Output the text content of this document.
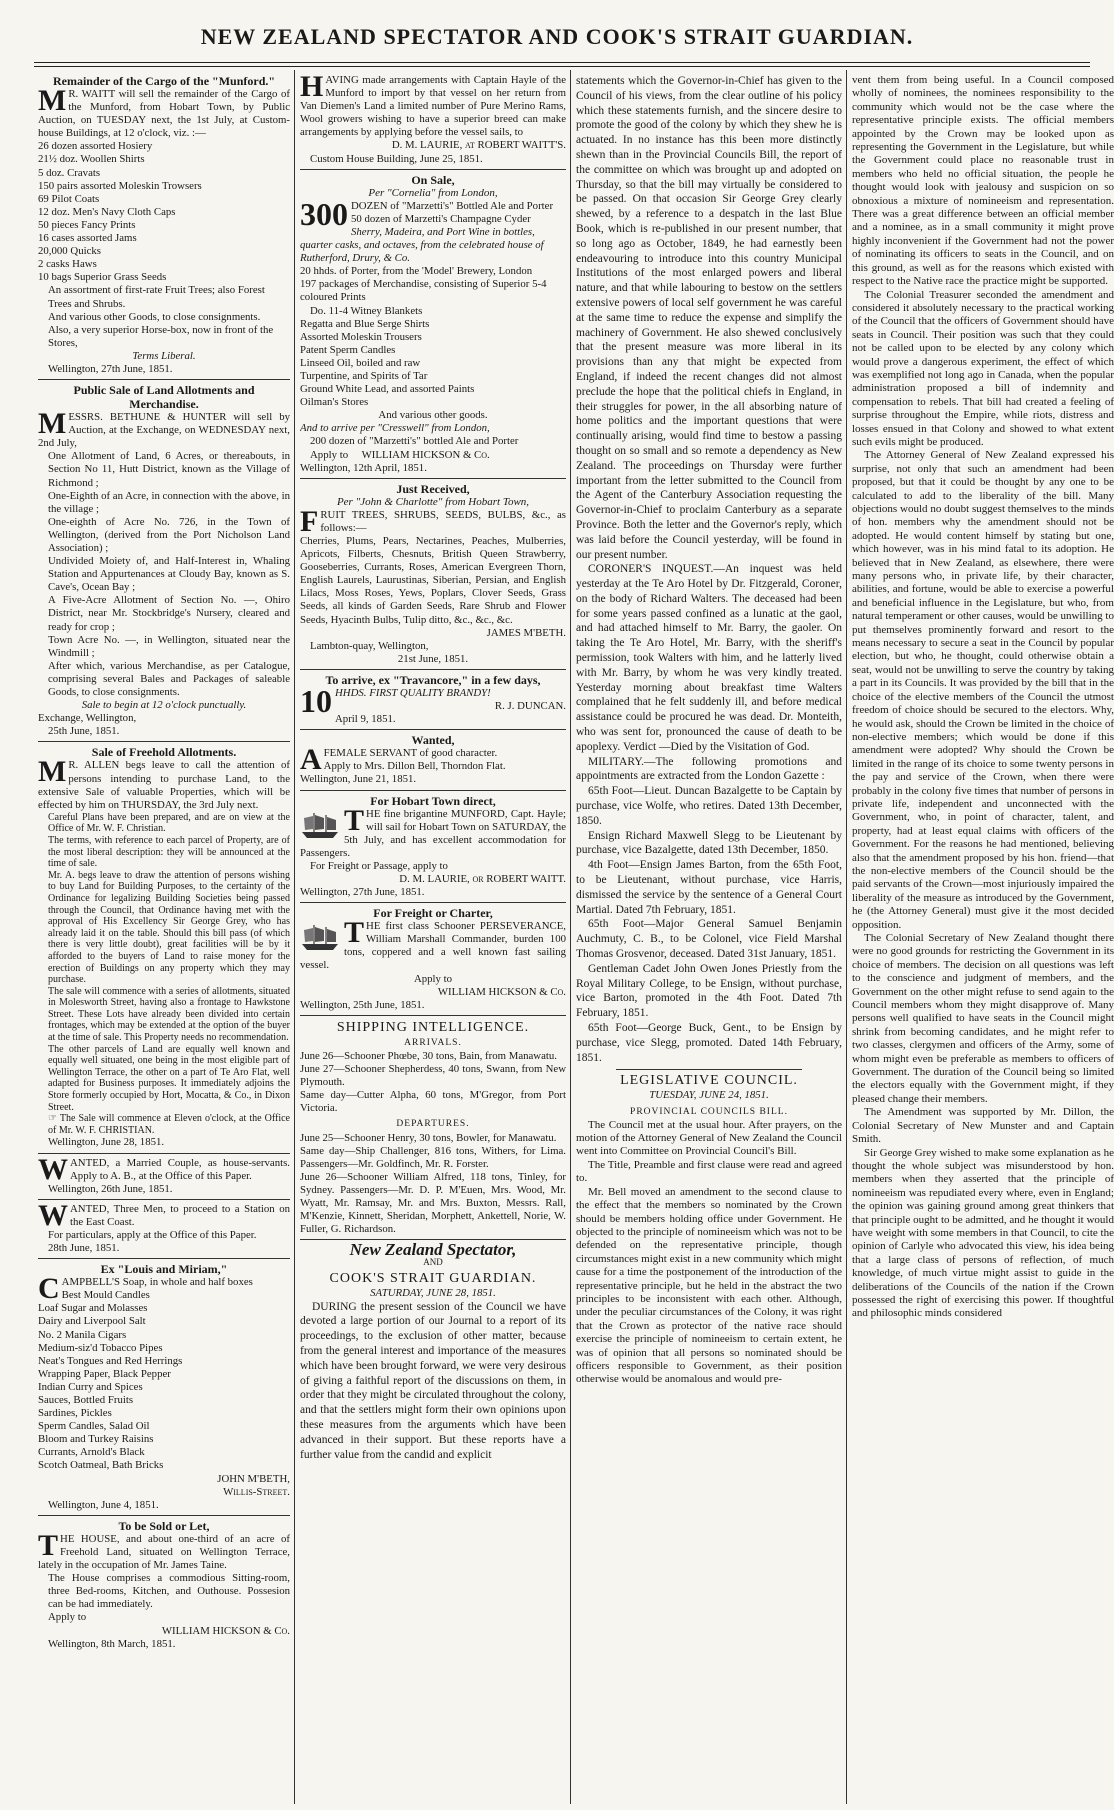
NEW ZEALAND SPECTATOR AND COOK'S STRAIT GUARDIAN.
Remainder of the Cargo of the "Munford."

M R. WAITT will sell the remainder of the Cargo of the Munford, from Hobart Town, by Public Auction, on TUESDAY next, the 1st July, at Custom-house Buildings, at 12 o'clock, viz. :—

26 dozen assorted Hosiery
21½ doz. Woollen Shirts
5 doz. Cravats
150 pairs assorted Moleskin Trowsers
69 Pilot Coats
12 doz. Men's Navy Cloth Caps
50 pieces Fancy Prints
16 cases assorted Jams
20,000 Quicks
2 casks Haws
10 bags Superior Grass Seeds
An assortment of first-rate Fruit Trees; also Forest Trees and Shrubs.
And various other Goods, to close consignments.
Also, a very superior Horse-box, now in front of the Stores,
Terms Liberal.
Wellington, 27th June, 1851.
Public Sale of Land Allotments and Merchandise.

MESSRS. BETHUNE & HUNTER will sell by Auction, at the Exchange, on WEDNESDAY next, 2nd July,

One Allotment of Land, 6 Acres, or thereabouts, in Section No 11, Hutt District, known as the Village of Richmond ;

One-Eighth of an Acre, in connection with the above, in the village ;

One-eighth of Acre No. 726, in the Town of Wellington, (derived from the Port Nicholson Land Association) ;

Undivided Moiety of, and Half-Interest in, Whaling Station and Appurtenances at Cloudy Bay, known as S. Cave's, Ocean Bay ;

A Five-Acre Allotment of Section No. —, Ohiro District, near Mr. Stockbridge's Nursery, cleared and ready for crop ;

Town Acre No. —, in Wellington, situated near the Windmill ;

After which, various Merchandise, as per Catalogue, comprising several Bales and Packages of saleable Goods, to close consignments.

Sale to begin at 12 o'clock punctually.
Exchange, Wellington,
25th June, 1851.
Sale of Freehold Allotments.

M R. ALLEN begs leave to call the attention of persons intending to purchase Land, to the extensive Sale of valuable Properties, which will be effected by him on THURSDAY, the 3rd July next.

Careful Plans have been prepared, and are on view at the Office of Mr. W. F. Christian.

The terms, with reference to each parcel of Property, are of the most liberal description: they will be announced at the time of sale.

Mr. A. begs leave to draw the attention of persons wishing to buy Land for Building Purposes, to the certainty of the Ordinance for legalizing Building Societies being passed through the Council, that Ordinance having met with the approval of His Excellency Sir George Grey, who has already laid it on the table. Should this bill pass (of which there is very little doubt), great facilities will be by it afforded to the buyers of Land to raise money for the erection of Buildings on any property which they may purchase.

The sale will commence with a series of allotments, situated in Molesworth Street, having also a frontage to Hawkstone Street. These Lots have already been divided into certain frontages, which may be extended at the option of the buyer at the time of sale. This Property needs no recommendation.

The other parcels of Land are equally well known and equally well situated, one being in the most eligible part of Wellington Terrace, the other on a part of Te Aro Flat, well adapted for Business purposes. It immediately adjoins the Store formerly occupied by Hort, Mocatta, & Co., in Dixon Street.

☞ The Sale will commence at Eleven o'clock, at the Office of Mr. W. F. CHRISTIAN.

Wellington, June 28, 1851.

WANTED, a Married Couple, as house-servants. Apply to A. B., at the Office of this Paper.

Wellington, 26th June, 1851.

WANTED, Three Men, to proceed to a Station on the East Coast.

For particulars, apply at the Office of this Paper.

28th June, 1851.
Ex "Louis and Miriam,"

CAMPBELL'S Soap, in whole and half boxes

Best Mould Candles
Loaf Sugar and Molasses
Dairy and Liverpool Salt
No. 2 Manila Cigars
Medium-siz'd Tobacco Pipes
Neat's Tongues and Red Herrings
Wrapping Paper, Black Pepper
Indian Curry and Spices
Sauces, Bottled Fruits
Sardines, Pickles
Sperm Candles, Salad Oil
Bloom and Turkey Raisins
Currants, Arnold's Black
Scotch Oatmeal, Bath Bricks
JOHN M'BETH,
Willis-Street.
Wellington, June 4, 1851.
To be Sold or Let,

THE HOUSE, and about one-third of an acre of Freehold Land, situated on Wellington Terrace, lately in the occupation of Mr. James Taine.

The House comprises a commodious Sitting-room, three Bed-rooms, Kitchen, and Outhouse. Possesion can be had immediately.

Apply to
WILLIAM HICKSON & Co.
Wellington, 8th March, 1851.

HAVING made arrangements with Captain Hayle of the Munford to import by that vessel on her return from Van Diemen's Land a limited number of Pure Merino Rams, Wool growers wishing to have a superior breed can make arrangements by applying before the vessel sails, to

D. M. LAURIE, at ROBERT WAITT'S.
Custom House Building, June 25, 1851.
On Sale,
Per "Cornelia" from London,

300 DOZEN of "Marzetti's" Bottled Ale and Porter

50 dozen of Marzetti's Champagne Cyder
Sherry, Madeira, and Port Wine in bottles, quarter casks, and octaves, from the celebrated house of Rutherford, Drury, & Co.
20 hhds. of Porter, from the 'Model' Brewery, London
197 packages of Merchandise, consisting of Superior 5-4 coloured Prints
Do. 11-4 Witney Blankets
Regatta and Blue Serge Shirts
Assorted Moleskin Trousers
Patent Sperm Candles
Linseed Oil, boiled and raw
Turpentine, and Spirits of Tar
Ground White Lead, and assorted Paints
Oilman's Stores
And various other goods.
And to arrive per "Cresswell" from London,
200 dozen of "Marzetti's" bottled Ale and Porter
Apply to WILLIAM HICKSON & Co.
Wellington, 12th April, 1851.
Just Received,
Per "John & Charlotte" from Hobart Town,

FRUIT TREES, SHRUBS, SEEDS, BULBS, &c., as follows:—

Cherries, Plums, Pears, Nectarines, Peaches, Mulberries, Apricots, Filberts, Chesnuts, British Queen Strawberry, Gooseberries, Currants, Roses, American Evergreen Thorn, English Laurels, Laurustinas, Siberian, Persian, and English Lilacs, Moss Roses, Yews, Poplars, Clover Seeds, Grass Seeds, all kinds of Garden Seeds, Rare Shrub and Flower Seeds, Hyacinth Bulbs, Tulip ditto, &c., &c., &c.

JAMES M'BETH.
Lambton-quay, Wellington,
21st June, 1851.
To arrive, ex "Travancore," in a few days,

10 HHDS. FIRST QUALITY BRANDY!

R. J. DUNCAN.
April 9, 1851.
Wanted,

AFEMALE SERVANT of good character.

Apply to Mrs. Dillon Bell, Thorndon Flat.

Wellington, June 21, 1851.
For Hobart Town direct,

THE fine brigantine MUNFORD, Capt. Hayle; will sail for Hobart Town on SATURDAY, the 5th July, and has excellent accommodation for Passengers.

For Freight or Passage, apply to

D. M. LAURIE, or ROBERT WAITT.
Wellington, 27th June, 1851.
For Freight or Charter,

THE first class Schooner PERSEVERANCE, William Marshall Commander, burden 100 tons, coppered and a well known fast sailing vessel.

Apply to
WILLIAM HICKSON & Co.
Wellington, 25th June, 1851.
SHIPPING INTELLIGENCE.
ARRIVALS.

June 26—Schooner Phœbe, 30 tons, Bain, from Manawatu.

June 27—Schooner Shepherdess, 40 tons, Swann, from New Plymouth.

Same day—Cutter Alpha, 60 tons, M'Gregor, from Port Victoria.

DEPARTURES.

June 25—Schooner Henry, 30 tons, Bowler, for Manawatu.

Same day—Ship Challenger, 816 tons, Withers, for Lima. Passengers—Mr. Goldfinch, Mr. R. Forster.

June 26—Schooner William Alfred, 118 tons, Tinley, for Sydney. Passengers—Mr. D. P. M'Euen, Mrs. Wood, Mr. Wyatt, Mr. Ramsay, Mr. and Mrs. Buxton, Messrs. Rall, M'Kenzie, Kinnett, Sheridan, Morphett, Ankettell, Norie, W. Fuller, G. Richardson.

New Zealand Spectator,
AND
COOK'S STRAIT GUARDIAN.
SATURDAY, JUNE 28, 1851.

DURING the present session of the Council we have devoted a large portion of our Journal to a report of its proceedings, to the exclusion of other matter, because from the general interest and importance of the measures which have been brought forward, we were very desirous of giving a faithful report of the discussions on them, in order that they might be circulated throughout the colony, and that the settlers might form their own opinions upon these measures from the arguments which have been advanced in their support. But these reports have a further value from the candid and explicit

statements which the Governor-in-Chief has given to the Council of his views, from the clear outline of his policy which these statements furnish, and the sincere desire to promote the good of the colony by which they shew he is actuated. In no instance has this been more distinctly shewn than in the Provincial Councils Bill, the report of the committee on which was brought up and adopted on Thursday, so that the bill may virtually be considered to be passed. On that occasion Sir George Grey clearly shewed, by a reference to a despatch in the last Blue Book, which is re-published in our present number, that so long ago as October, 1849, he had earnestly been endeavouring to introduce into this country Municipal Institutions of the most enlarged powers and liberal nature, and that while labouring to bestow on the settlers extensive powers of local self government he was careful at the same time to reduce the expense and simplify the machinery of Government. He also shewed conclusively that the present measure was more liberal in its provisions than any that might be expected from England, if indeed the recent changes did not almost preclude the hope that the political chiefs in England, in their struggles for power, in the all absorbing nature of home politics and the important questions that were continually arising, would find time to bestow a passing thought on so small and so remote a dependency as New Zealand. The proceedings on Thursday were further important from the letter submitted to the Council from the Agent of the Canterbury Association requesting the Governor-in-Chief to proclaim Canterbury as a separate Province. Both the letter and the Governor's reply, which was laid before the Council yesterday, will be found in our present number.

CORONER'S INQUEST.—An inquest was held yesterday at the Te Aro Hotel by Dr. Fitzgerald, Coroner, on the body of Richard Walters. The deceased had been for some years passed confined as a lunatic at the gaol, and had attached himself to Mr. Barry, the gaoler. On taking the Te Aro Hotel, Mr. Barry, with the sheriff's permission, took Walters with him, and he latterly lived with Mr. Barry, by whom he was very kindly treated. Yesterday morning about breakfast time Walters complained that he felt suddenly ill, and before medical assistance could be procured he was dead. Dr. Monteith, who was sent for, pronounced the cause of death to be apoplexy. Verdict —Died by the Visitation of God.

MILITARY.—The following promotions and appointments are extracted from the London Gazette :

65th Foot—Lieut. Duncan Bazalgette to be Captain by purchase, vice Wolfe, who retires. Dated 13th December, 1850.

Ensign Richard Maxwell Slegg to be Lieutenant by purchase, vice Bazalgette, dated 13th December, 1850.

4th Foot—Ensign James Barton, from the 65th Foot, to be Lieutenant, without purchase, vice Harris, dismissed the service by the sentence of a General Court Martial. Dated 7th February, 1851.

65th Foot—Major General Samuel Benjamin Auchmuty, C. B., to be Colonel, vice Field Marshal Thomas Grosvenor, deceased. Dated 31st January, 1851.

Gentleman Cadet John Owen Jones Priestly from the Royal Military College, to be Ensign, without purchase, vice Barton, promoted in the 4th Foot. Dated 7th February, 1851.

65th Foot—George Buck, Gent., to be Ensign by purchase, vice Slegg, promoted. Dated 14th February, 1851.

LEGISLATIVE COUNCIL.
TUESDAY, JUNE 24, 1851.
PROVINCIAL COUNCILS BILL.

The Council met at the usual hour. After prayers, on the motion of the Attorney General of New Zealand the Council went into Committee on Provincial Council's Bill.

The Title, Preamble and first clause were read and agreed to.

Mr. Bell moved an amendment to the second clause to the effect that the members so nominated by the Crown should be members holding office under Government. He objected to the principle of nomineeism which was not to be defended on the representative principle, though circumstances might exist in a new community which might cause for a time the postponement of the introduction of the representative principle, but he held in the abstract the two principles to be inconsistent with each other. Although, under the peculiar circumstances of the Colony, it was right that the Crown as protector of the native race should exercise the principle of nomineeism to certain extent, he was of opinion that all persons so nominated should be officers responsible to Government, as their position otherwise would be anomalous and would pre-

vent them from being useful. In a Council composed wholly of nominees, the nominees responsibility to the community which would not be the case where the representative principle exists. The official members appointed by the Crown may be looked upon as representing the Government in the Legislature, but while the Government could place no reasonable trust in members who held no official situation, the people he thought would look with jealousy and suspicion on so obnoxious a mixture of nomineeism and representation. There was a great difference between an official member and a nominee, as in a small community it might prove highly inconvenient if the Government had not the power of nominating its officers to seats in the Council, and on this ground, as well as for the reasons which existed with respect to the Native race the practice might be supported.

The Colonial Treasurer seconded the amendment and considered it absolutely necessary to the practical working of the Council that the officers of Government should have seats in Council. Their position was such that they could not be called upon to be elected by any colony which would prove a dangerous experiment, the effect of which was exemplified not long ago in Canada, when the popular administration proposed a bill of indemnity and compensation to rebels. That bill had created a feeling of surprise throughout the Empire, while riots, distress and losses ensued in that Colony and showed to what extent such evils might be produced.

The Attorney General of New Zealand expressed his surprise, not only that such an amendment had been proposed, but that it could be thought by any one to be calculated to add to the liberality of the bill. Many objections would no doubt suggest themselves to the minds of hon. members why the amendment should not be adopted. He would content himself by stating but one, which however, was in his mind fatal to its adoption. He believed that in New Zealand, as elsewhere, there were many persons who, in private life, by their character, abilities, and fortune, would be able to exercise a powerful and beneficial influence in the Legislature, but who, from natural temperament or other causes, would be unwilling to put themselves prominently forward and resort to the means necessary to secure a seat in the Council by popular election, but who, he thought, could otherwise obtain a seat, would not be unwilling to serve the country by taking a part in its Councils. It was provided by the bill that in the choice of the elective members of the Council the utmost freedom of choice should be secured to the electors. Why, he would ask, should the Crown be limited in the choice of non-elective members; which would be done if this amendment were adopted? Why should the Crown be limited in the range of its choice to some twenty persons in the pay and service of the Crown, when there were probably in the colony five times that number of persons in private life, independent and unconnected with the Government, who, in point of character, talent, and property, had at least equal claims with officers of the Government. For the reasons he had mentioned, believing also that the amendment proposed by his hon. friend—that the non-elective members of the Council should be the paid servants of the Crown—most injuriously impaired the liberality of the measure as introduced by the Government, he (the Attorney General) must give it the most decided opposition.

The Colonial Secretary of New Zealand thought there were no good grounds for restricting the Government in its choice of members. The decision on all questions was left to the conscience and judgment of members, and the Government on the other might refuse to send again to the Council members whom they might disapprove of. Many persons well qualified to have seats in the Council might shrink from becoming candidates, and he might refer to two classes, clergymen and officers of the Army, some of whom might even be preferable as members to officers of Government. The duration of the Council being so limited the electors equally with the Government might, if they pleased change their members.

The Amendment was supported by Mr. Dillon, the Colonial Secretary of New Munster and and Captain Smith.

Sir George Grey wished to make some explanation as he thought the whole subject was misunderstood by hon. members when they asserted that the principle of nomineeism was repudiated every where, even in England; the opinion was gaining ground among great thinkers that that principle ought to be admitted, and he thought it would have weight with some members in that Council, to cite the opinion of Carlyle who advocated this view, his idea being that a large class of persons of reflection, of much knowledge, of much virtue might assist to guide in the deliberations of the Councils of the nation if the Crown possessed the right of exercising this power. If thoughtful and philosophic minds considered
